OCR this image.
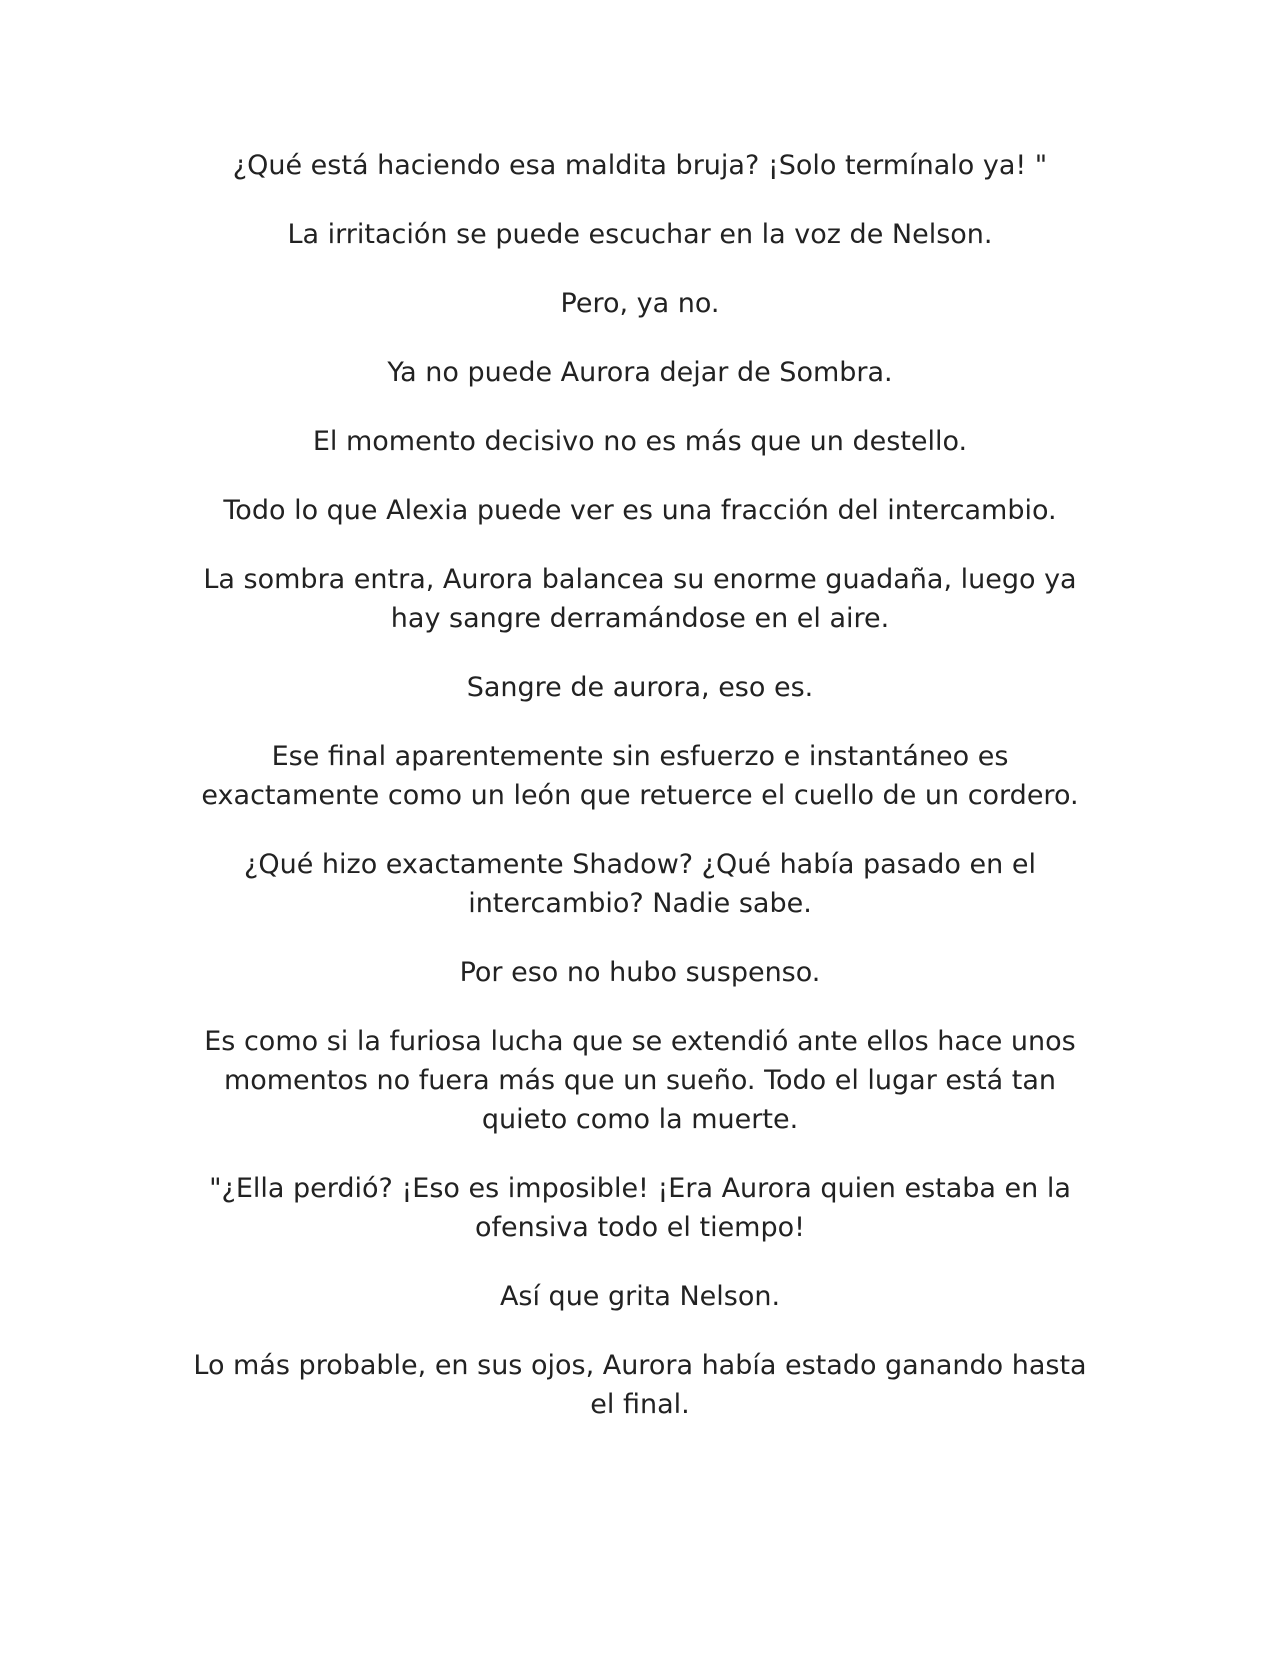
¿Qué está haciendo esa maldita bruja? ¡Solo termínalo ya! "

La irritación se puede escuchar en la voz de Nelson.

Pero, ya no.

Ya no puede Aurora dejar de Sombra.

El momento decisivo no es más que un destello.

Todo lo que Alexia puede ver es una fracción del intercambio.

La sombra entra, Aurora balancea su enorme guadaña, luego ya hay sangre derramándose en el aire.

Sangre de aurora, eso es.

Ese final aparentemente sin esfuerzo e instantáneo es exactamente como un león que retuerce el cuello de un cordero.

¿Qué hizo exactamente Shadow? ¿Qué había pasado en el intercambio? Nadie sabe.

Por eso no hubo suspenso.

Es como si la furiosa lucha que se extendió ante ellos hace unos momentos no fuera más que un sueño. Todo el lugar está tan quieto como la muerte.

"¿Ella perdió? ¡Eso es imposible! ¡Era Aurora quien estaba en la ofensiva todo el tiempo!

Así que grita Nelson.

Lo más probable, en sus ojos, Aurora había estado ganando hasta el final.
